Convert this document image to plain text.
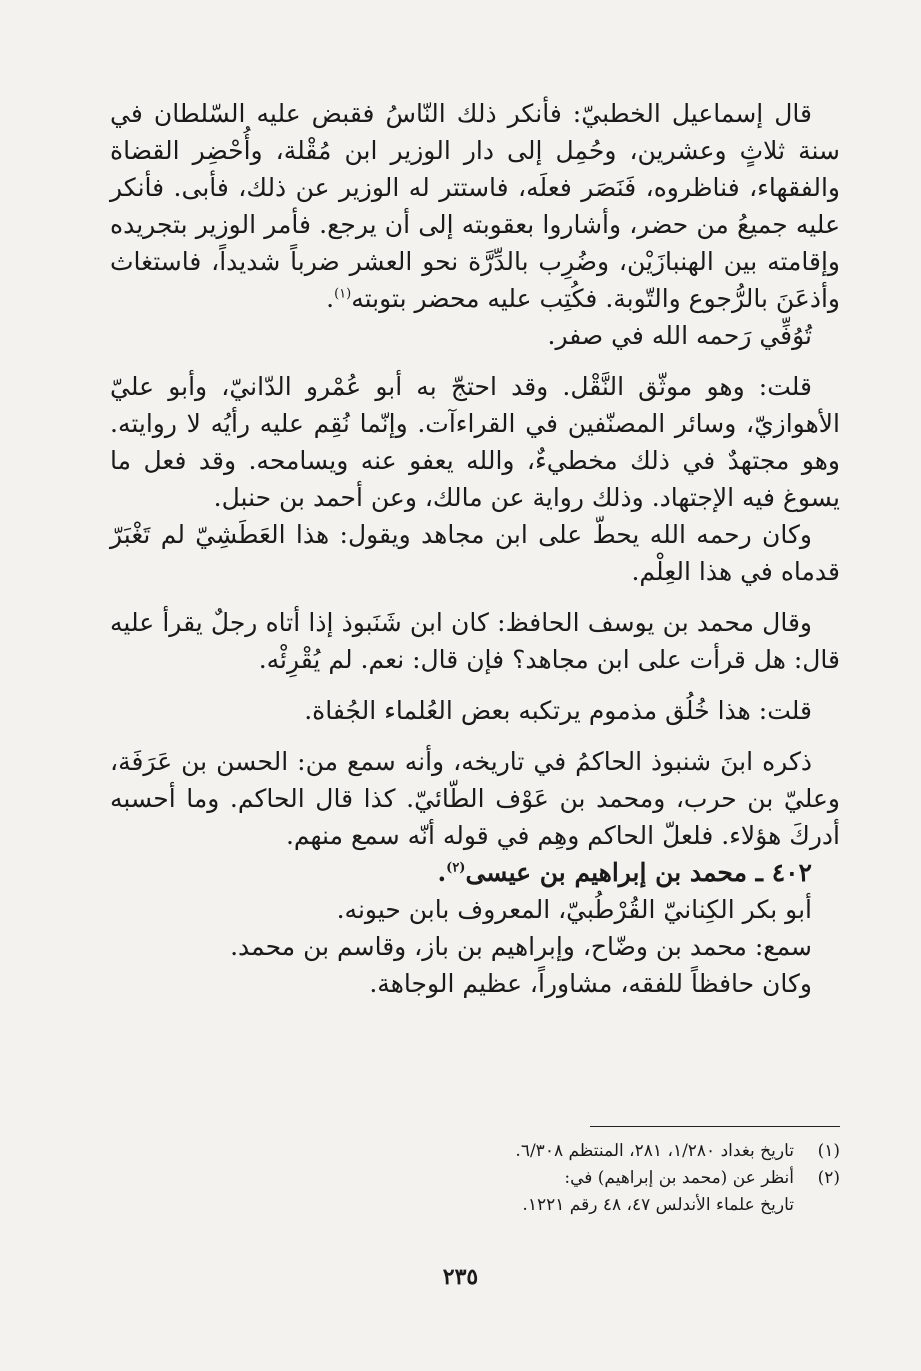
قال إسماعيل الخطبيّ: فأنكر ذلك النّاسُ فقبض عليه السّلطان في سنة ثلاثٍ وعشرين، وحُمِل إلى دار الوزير ابن مُقْلة، وأُحْضِر القضاة والفقهاء، فناظروه، فَنَصَر فعلَه، فاستتر له الوزير عن ذلك، فأبى. فأنكر عليه جميعُ من حضر، وأشاروا بعقوبته إلى أن يرجع. فأمر الوزير بتجريده وإقامته بين الهنبازَيْن، وضُرِب بالدِّرَّة نحو العشر ضرباً شديداً، فاستغاث وأذعَنَ بالرُّجوع والتّوبة. فكُتِب عليه محضر بتوبته$^{(١)}$.

تُوُفِّي رَحمه الله في صفر.

قلت: وهو موثّق النَّقْل. وقد احتجّ به أبو عُمْرو الدّانيّ، وأبو عليّ الأهوازيّ، وسائر المصنّفين في القراءآت. وإنّما نُقِم عليه رأيُه لا روايته. وهو مجتهدٌ في ذلك مخطيءٌ، والله يعفو عنه ويسامحه. وقد فعل ما يسوغ فيه الإجتهاد. وذلك رواية عن مالك، وعن أحمد بن حنبل.

وكان رحمه الله يحطّ على ابن مجاهد ويقول: هذا العَطَشِيّ لم تَغْبَرّ قدماه في هذا العِلْم.

وقال محمد بن يوسف الحافظ: كان ابن شَنَبوذ إذا أتاه رجلٌ يقرأ عليه قال: هل قرأت على ابن مجاهد؟ فإن قال: نعم. لم يُقْرِئْه.

قلت: هذا خُلُق مذموم يرتكبه بعض العُلماء الجُفاة.

ذكره ابنَ شنبوذ الحاكمُ في تاريخه، وأنه سمع من: الحسن بن عَرَفَة، وعليّ بن حرب، ومحمد بن عَوْف الطّائيّ. كذا قال الحاكم. وما أحسبه أدركَ هؤلاء. فلعلّ الحاكم وهِم في قوله أنّه سمع منهم.

٤٠٢ ـ محمد بن إبراهيم بن عيسى$^{(٢)}$.

أبو بكر الكِنانيّ القُرْطُبيّ، المعروف بابن حيونه.

سمع: محمد بن وضّاح، وإبراهيم بن باز، وقاسم بن محمد.

وكان حافظاً للفقه، مشاوراً، عظيم الوجاهة.

(١)
تاريخ بغداد ١/٢٨٠، ٢٨١، المنتظم ٦/٣٠٨.
(٢)
أنظر عن (محمد بن إبراهيم) في:
تاريخ علماء الأندلس ٤٧، ٤٨ رقم ١٢٢١.
٢٣٥
